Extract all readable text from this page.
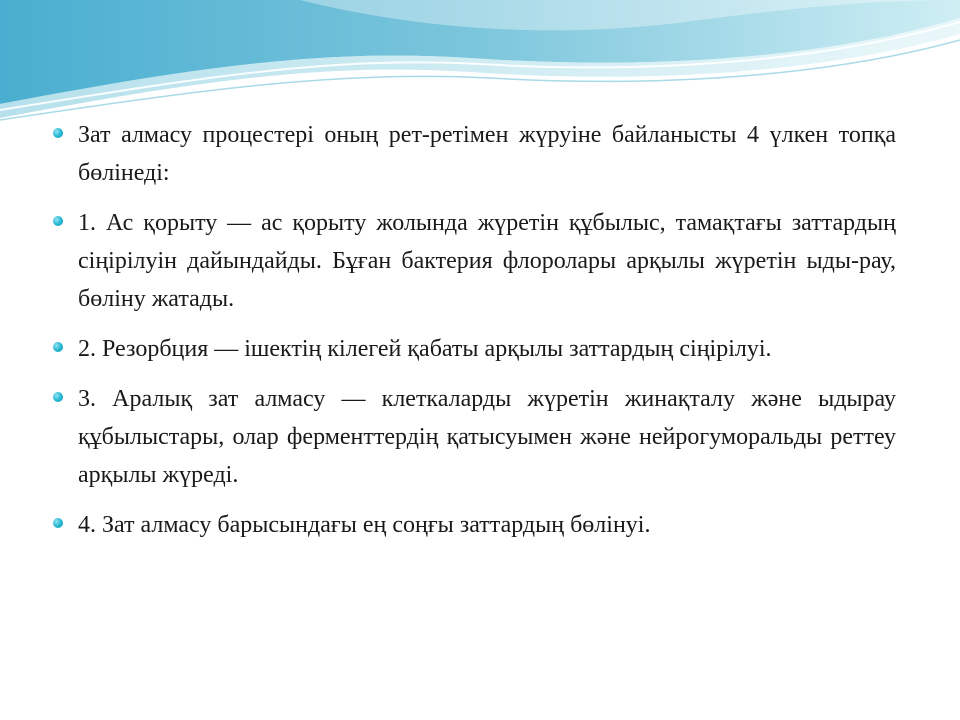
Зат алмасу процестері оның рет-ретімен жүруіне байланысты 4 үлкен топқа бөлінеді:
1. Ас қорыту — ас қорыту жолында жүретін құбылыс, тамақтағы заттардың сіңірілуін дайындайды. Бұған бактерия флоролары арқылы жүретін ыды-рау, бөліну жатады.
2. Резорбция — ішектің кілегей қабаты арқылы заттардың сіңірілуі.
3. Аралық зат алмасу — клеткаларды жүретін жинақталу және ыдырау құбылыстары, олар ферменттердің қатысуымен және нейрогуморальды реттеу арқылы жүреді.
4. Зат алмасу барысындағы ең соңғы заттардың бөлінуі.
